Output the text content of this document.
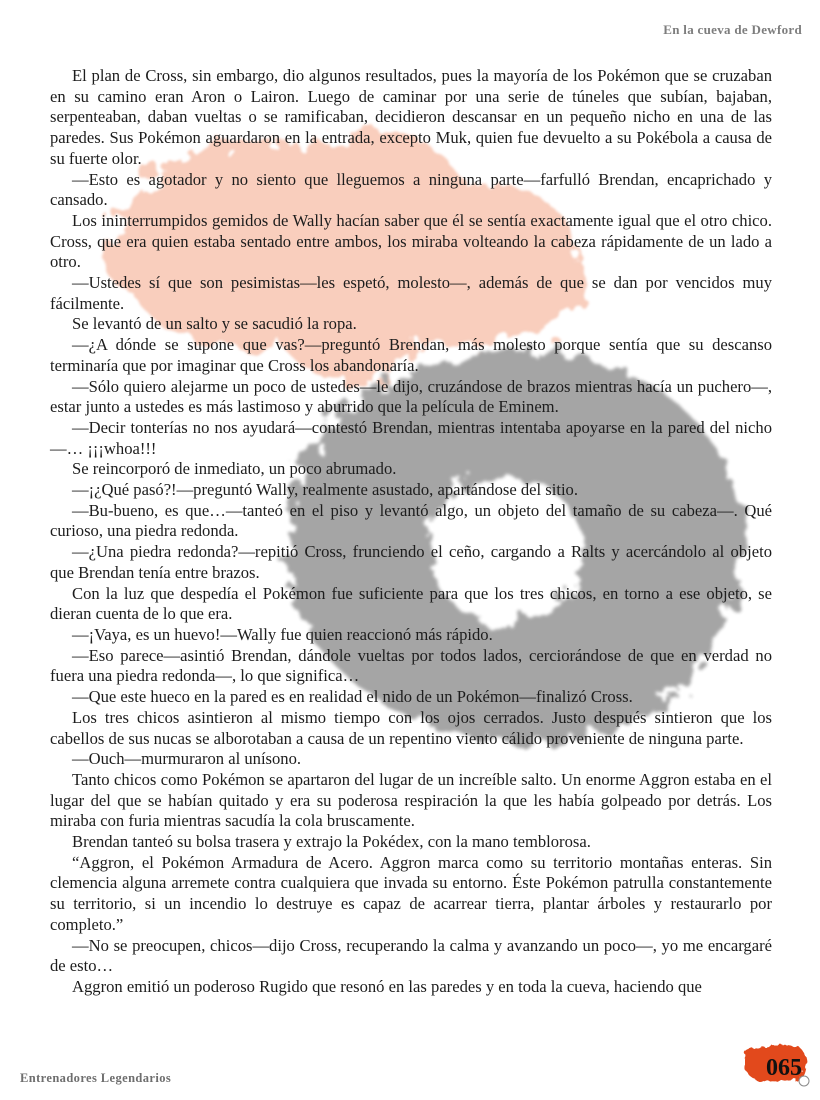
En la cueva de Dewford

El plan de Cross, sin embargo, dio algunos resultados, pues la mayoría de los Pokémon que se cruzaban en su camino eran Aron o Lairon. Luego de caminar por una serie de túneles que subían, bajaban, serpenteaban, daban vueltas o se ramificaban, decidieron descansar en un pequeño nicho en una de las paredes. Sus Pokémon aguardaron en la entrada, excepto Muk, quien fue devuelto a su Pokébola a causa de su fuerte olor.

—Esto es agotador y no siento que lleguemos a ninguna parte—farfulló Brendan, encaprichado y cansado.

Los ininterrumpidos gemidos de Wally hacían saber que él se sentía exactamente igual que el otro chico. Cross, que era quien estaba sentado entre ambos, los miraba volteando la cabeza rápidamente de un lado a otro.

—Ustedes sí que son pesimistas—les espetó, molesto—, además de que se dan por vencidos muy fácilmente.

Se levantó de un salto y se sacudió la ropa.

—¿A dónde se supone que vas?—preguntó Brendan, más molesto porque sentía que su descanso terminaría que por imaginar que Cross los abandonaría.

—Sólo quiero alejarme un poco de ustedes—le dijo, cruzándose de brazos mientras hacía un puchero—, estar junto a ustedes es más lastimoso y aburrido que la película de Eminem.

—Decir tonterías no nos ayudará—contestó Brendan, mientras intentaba apoyarse en la pared del nicho—… ¡¡¡whoa!!!

Se reincorporó de inmediato, un poco abrumado.

—¡¿Qué pasó?!—preguntó Wally, realmente asustado, apartándose del sitio.

—Bu-bueno, es que…—tanteó en el piso y levantó algo, un objeto del tamaño de su cabeza—. Qué curioso, una piedra redonda.

—¿Una piedra redonda?—repitió Cross, frunciendo el ceño, cargando a Ralts y acercándolo al objeto que Brendan tenía entre brazos.

Con la luz que despedía el Pokémon fue suficiente para que los tres chicos, en torno a ese objeto, se dieran cuenta de lo que era.

—¡Vaya, es un huevo!—Wally fue quien reaccionó más rápido.

—Eso parece—asintió Brendan, dándole vueltas por todos lados, cerciorándose de que en verdad no fuera una piedra redonda—, lo que significa…

—Que este hueco en la pared es en realidad el nido de un Pokémon—finalizó Cross.

Los tres chicos asintieron al mismo tiempo con los ojos cerrados. Justo después sintieron que los cabellos de sus nucas se alborotaban a causa de un repentino viento cálido proveniente de ninguna parte.

—Ouch—murmuraron al unísono.

Tanto chicos como Pokémon se apartaron del lugar de un increíble salto. Un enorme Aggron estaba en el lugar del que se habían quitado y era su poderosa respiración la que les había golpeado por detrás. Los miraba con furia mientras sacudía la cola bruscamente.

Brendan tanteó su bolsa trasera y extrajo la Pokédex, con la mano temblorosa.

“Aggron, el Pokémon Armadura de Acero. Aggron marca como su territorio montañas enteras. Sin clemencia alguna arremete contra cualquiera que invada su entorno. Éste Pokémon patrulla constantemente su territorio, si un incendio lo destruye es capaz de acarrear tierra, plantar árboles y restaurarlo por completo.”

—No se preocupen, chicos—dijo Cross, recuperando la calma y avanzando un poco—, yo me encargaré de esto…

Aggron emitió un poderoso Rugido que resonó en las paredes y en toda la cueva, haciendo que

Entrenadores Legendarios	065
